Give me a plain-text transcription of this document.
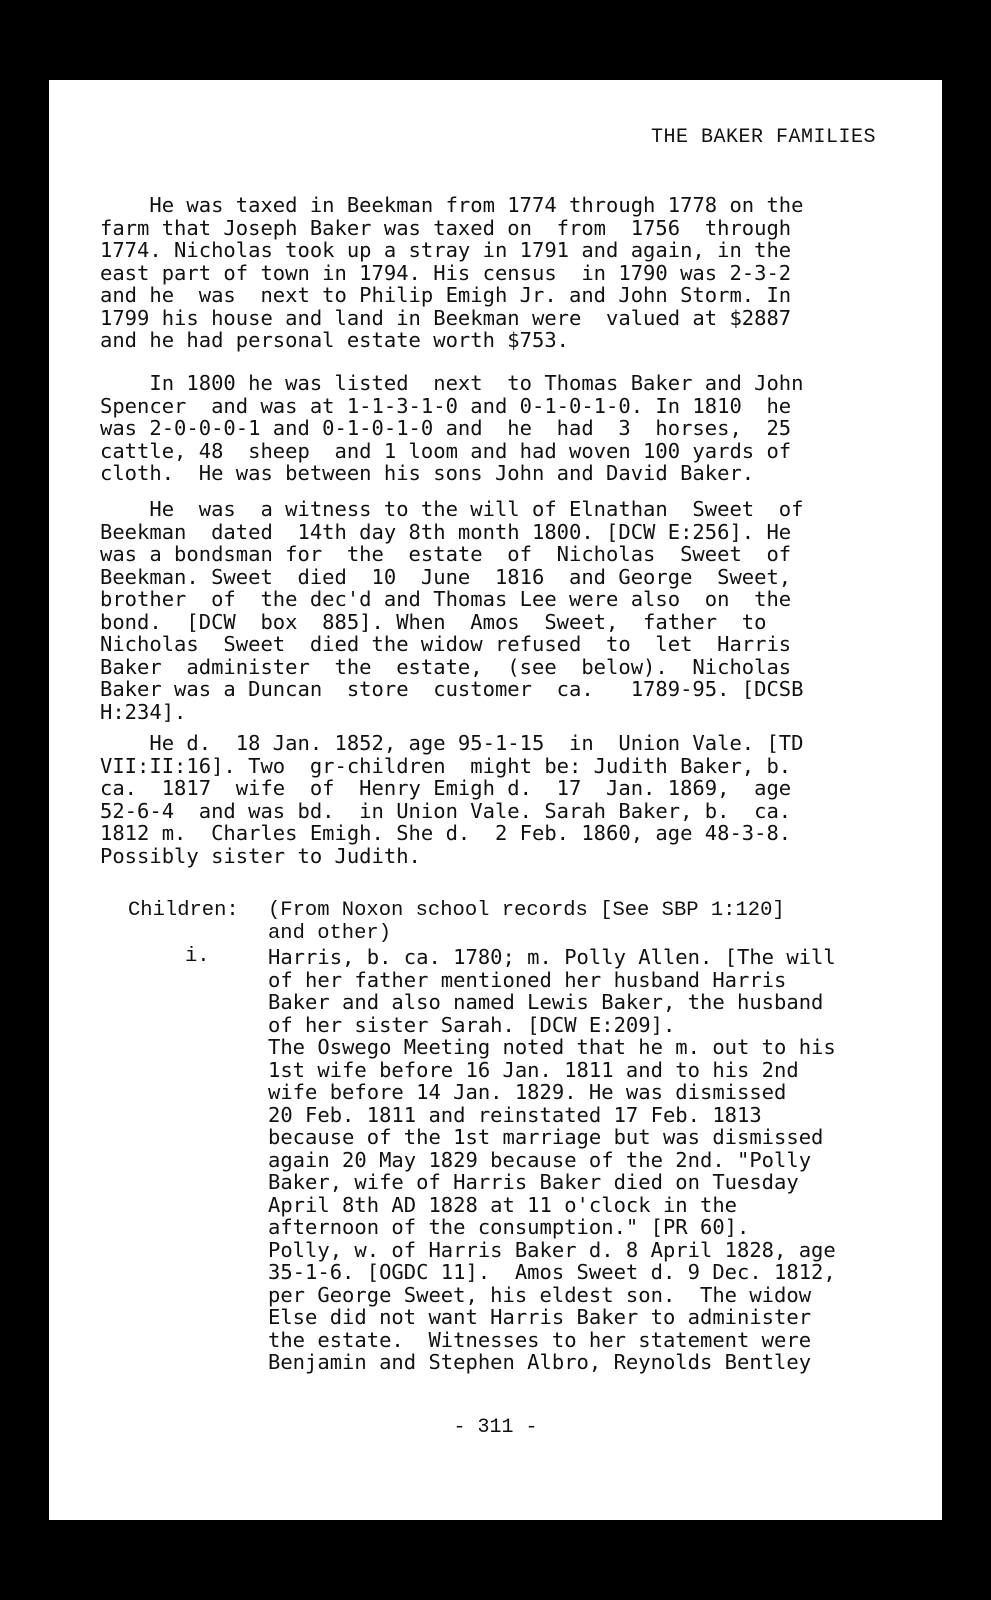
THE BAKER FAMILIES
He was taxed in Beekman from 1774 through 1778 on the
farm that Joseph Baker was taxed on  from  1756  through
1774. Nicholas took up a stray in 1791 and again, in the
east part of town in 1794. His census  in 1790 was 2-3-2
and he  was  next to Philip Emigh Jr. and John Storm. In
1799 his house and land in Beekman were  valued at $2887
and he had personal estate worth $753.
In 1800 he was listed  next  to Thomas Baker and John
Spencer  and was at 1-1-3-1-0 and 0-1-0-1-0. In 1810  he
was 2-0-0-0-1 and 0-1-0-1-0 and  he  had  3  horses,  25
cattle, 48  sheep  and 1 loom and had woven 100 yards of
cloth.  He was between his sons John and David Baker.
He  was  a witness to the will of Elnathan  Sweet  of
Beekman  dated  14th day 8th month 1800. [DCW E:256]. He
was a bondsman for  the  estate  of  Nicholas  Sweet  of
Beekman. Sweet  died  10  June  1816  and George  Sweet,
brother  of  the dec'd and Thomas Lee were also  on  the
bond.  [DCW  box  885]. When  Amos  Sweet,  father  to
Nicholas  Sweet  died the widow refused  to  let  Harris
Baker  administer  the  estate,  (see  below).  Nicholas
Baker was a Duncan  store  customer  ca.   1789-95. [DCSB
H:234].
He d.  18 Jan. 1852, age 95-1-15  in  Union Vale. [TD
VII:II:16]. Two  gr-children  might be: Judith Baker, b.
ca.  1817  wife  of  Henry Emigh d.  17  Jan. 1869,  age
52-6-4  and was bd.  in Union Vale. Sarah Baker, b.  ca.
1812 m.  Charles Emigh. She d.  2 Feb. 1860, age 48-3-8.
Possibly sister to Judith.
Children: (From Noxon school records [See SBP 1:120]
and other)
i.	Harris, b. ca. 1780; m. Polly Allen. [The will
of her father mentioned her husband Harris
Baker and also named Lewis Baker, the husband
of her sister Sarah. [DCW E:209].
The Oswego Meeting noted that he m. out to his
1st wife before 16 Jan. 1811 and to his 2nd
wife before 14 Jan. 1829. He was dismissed
20 Feb. 1811 and reinstated 17 Feb. 1813
because of the 1st marriage but was dismissed
again 20 May 1829 because of the 2nd. "Polly
Baker, wife of Harris Baker died on Tuesday
April 8th AD 1828 at 11 o'clock in the
afternoon of the consumption." [PR 60].
Polly, w. of Harris Baker d. 8 April 1828, age
35-1-6. [OGDC 11].  Amos Sweet d. 9 Dec. 1812,
per George Sweet, his eldest son.  The widow
Else did not want Harris Baker to administer
the estate.  Witnesses to her statement were
Benjamin and Stephen Albro, Reynolds Bentley
- 311 -
